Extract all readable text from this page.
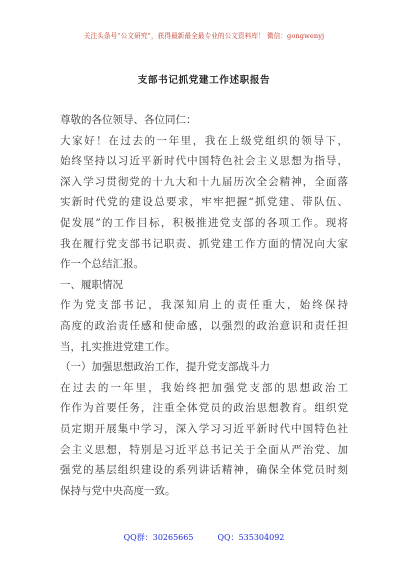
关注头条号“公文研究”，获得最新最全最专业的公文资料库！ 微信：gongwenyj
支部书记抓党建工作述职报告
尊敬的各位领导、各位同仁：
大家好！在过去的一年里，我在上级党组织的领导下，
始终坚持以习近平新时代中国特色社会主义思想为指导，
深入学习贯彻党的十九大和十九届历次全会精神，全面落
实新时代党的建设总要求，牢牢把握“抓党建、带队伍、
促发展”的工作目标，积极推进党支部的各项工作。现将
我在履行党支部书记职责、抓党建工作方面的情况向大家
作一个总结汇报。
一、履职情况
作为党支部书记，我深知肩上的责任重大，始终保持
高度的政治责任感和使命感，以强烈的政治意识和责任担
当，扎实推进党建工作。
（一）加强思想政治工作，提升党支部战斗力
在过去的一年里，我始终把加强党支部的思想政治工
作作为首要任务，注重全体党员的政治思想教育。组织党
员定期开展集中学习，深入学习习近平新时代中国特色社
会主义思想，特别是习近平总书记关于全面从严治党、加
强党的基层组织建设的系列讲话精神，确保全体党员时刻
保持与党中央高度一致。
QQ群：30265665	QQ：535304092
